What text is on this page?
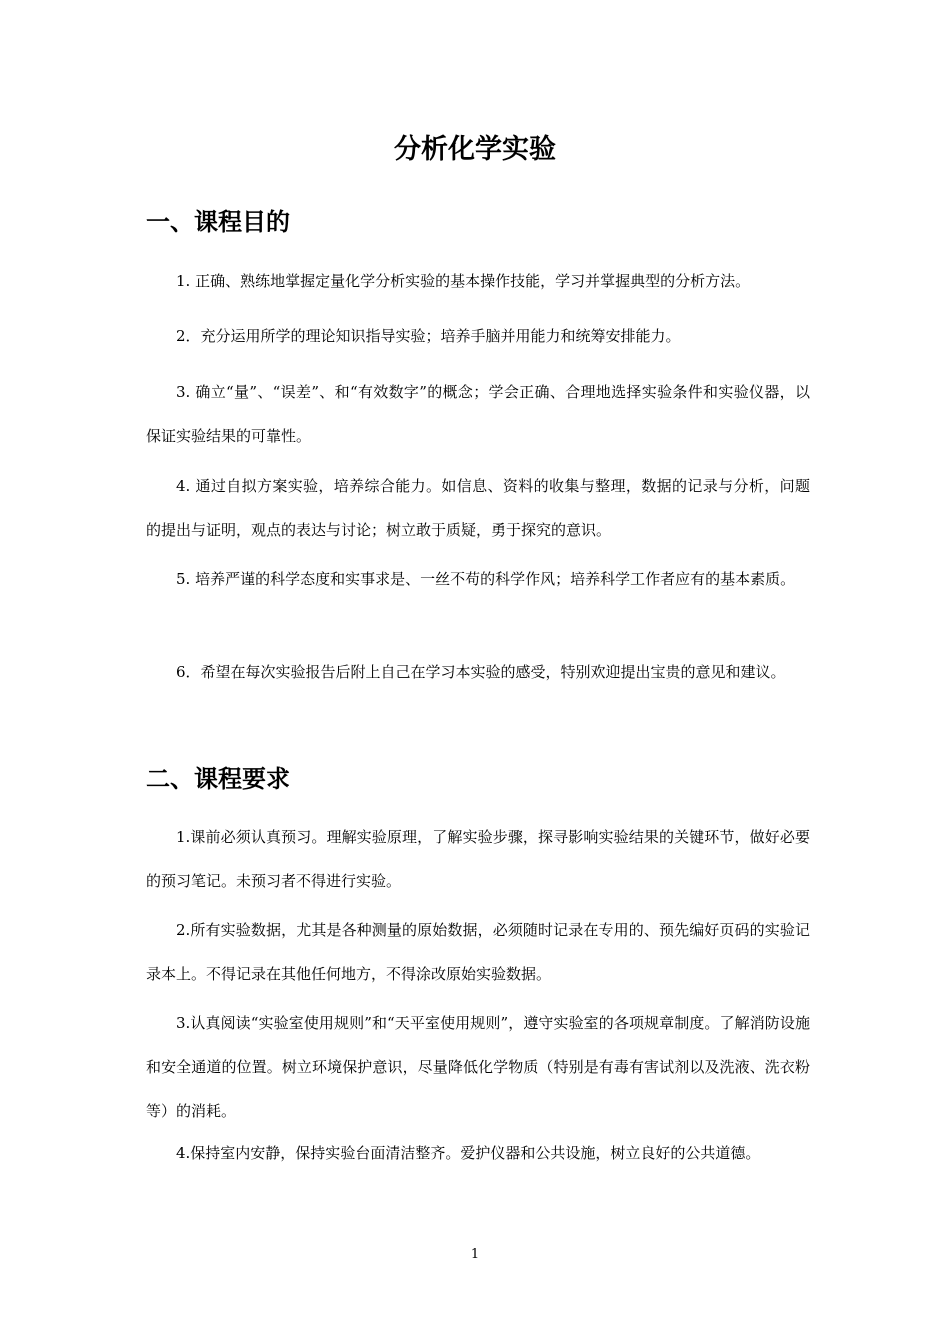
分析化学实验
一、课程目的

1. 正确、熟练地掌握定量化学分析实验的基本操作技能，学习并掌握典型的分析方法。

2．充分运用所学的理论知识指导实验；培养手脑并用能力和统筹安排能力。

3. 确立“量”、“误差”、和“有效数字”的概念；学会正确、合理地选择实验条件和实验仪器，以保证实验结果的可靠性。

4. 通过自拟方案实验，培养综合能力。如信息、资料的收集与整理，数据的记录与分析，问题的提出与证明，观点的表达与讨论；树立敢于质疑，勇于探究的意识。

5. 培养严谨的科学态度和实事求是、一丝不苟的科学作风；培养科学工作者应有的基本素质。

6．希望在每次实验报告后附上自己在学习本实验的感受，特别欢迎提出宝贵的意见和建议。

二、课程要求

1.课前必须认真预习。理解实验原理，了解实验步骤，探寻影响实验结果的关键环节，做好必要的预习笔记。未预习者不得进行实验。

2.所有实验数据，尤其是各种测量的原始数据，必须随时记录在专用的、预先编好页码的实验记录本上。不得记录在其他任何地方，不得涂改原始实验数据。

3.认真阅读“实验室使用规则”和“天平室使用规则”，遵守实验室的各项规章制度。了解消防设施和安全通道的位置。树立环境保护意识，尽量降低化学物质（特别是有毒有害试剂以及洗液、洗衣粉等）的消耗。

4.保持室内安静，保持实验台面清洁整齐。爱护仪器和公共设施，树立良好的公共道德。

1
